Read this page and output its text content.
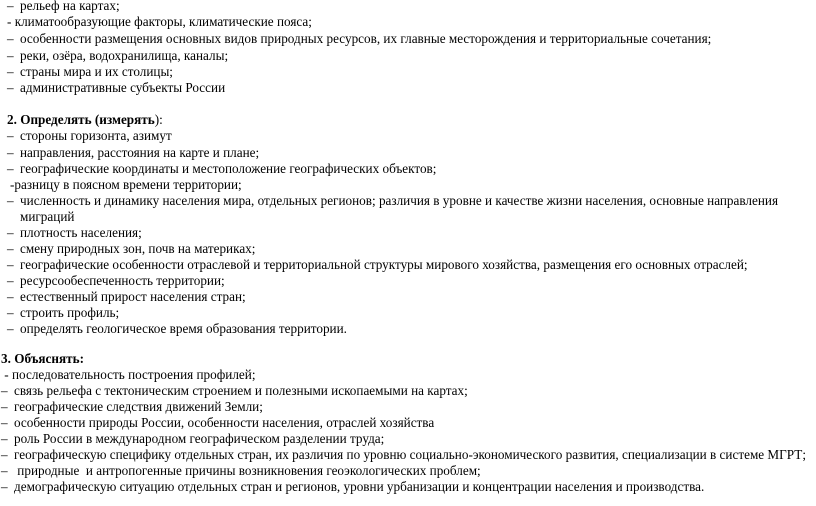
– рельеф на картах;
- климатообразующие факторы, климатические пояса;
– особенности размещения основных видов природных ресурсов, их главные месторождения и территориальные сочетания;
– реки, озёра, водохранилища, каналы;
– страны мира и их столицы;
– административные субъекты России
2. Определять (измерять):
– стороны горизонта, азимут
– направления, расстояния на карте и плане;
– географические координаты и местоположение географических объектов;
-разницу в поясном времени территории;
– численность и динамику населения мира, отдельных регионов; различия в уровне и качестве жизни населения, основные направления
миграций
– плотность населения;
– смену природных зон, почв на материках;
– географические особенности отраслевой и территориальной структуры мирового хозяйства, размещения его основных отраслей;
– ресурсообеспеченность территории;
– естественный прирост населения стран;
– строить профиль;
– определять геологическое время образования территории.
3. Объяснять:
- последовательность построения профилей;
– связь рельефа с тектоническим строением и полезными ископаемыми на картах;
– географические следствия движений Земли;
– особенности природы России, особенности населения, отраслей хозяйства
– роль России в международном географическом разделении труда;
– географическую специфику отдельных стран, их различия по уровню социально-экономического развития, специализации в системе МГРТ;
– природные  и антропогенные причины возникновения геоэкологических проблем;
– демографическую ситуацию отдельных стран и регионов, уровни урбанизации и концентрации населения и производства.
